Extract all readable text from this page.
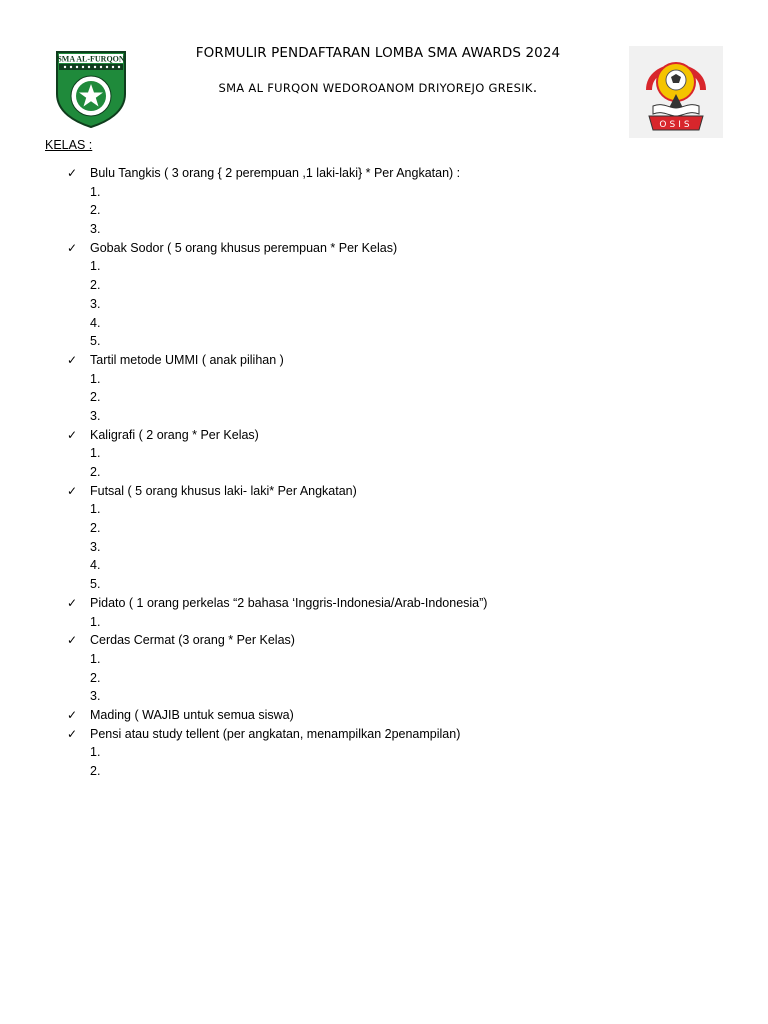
SMA AL-FURQON	FORMULIR PENDAFTARAN LOMBA SMA AWARDS 2024
SMA AL FURQON WEDOROANOM DRIYOREJO GRESIK.
OSIS
KELAS :
✓ Bulu Tangkis ( 3 orang { 2 perempuan ,1 laki-laki} * Per Angkatan) :
1.
2.
3.
✓ Gobak Sodor ( 5 orang khusus perempuan * Per Kelas)
1.
2.
3.
4.
5.
✓ Tartil metode UMMI ( anak pilihan )
1.
2.
3.
✓ Kaligrafi ( 2 orang * Per Kelas)
1.
2.
✓ Futsal ( 5 orang khusus laki- laki* Per Angkatan)
1.
2.
3.
4.
5.
✓ Pidato ( 1 orang perkelas “2 bahasa ‘Inggris-Indonesia/Arab-Indonesia”)
1.
✓ Cerdas Cermat (3 orang * Per Kelas)
1.
2.
3.
✓ Mading ( WAJIB untuk semua siswa)
✓ Pensi atau study tellent (per angkatan, menampilkan 2penampilan)
1.
2.
